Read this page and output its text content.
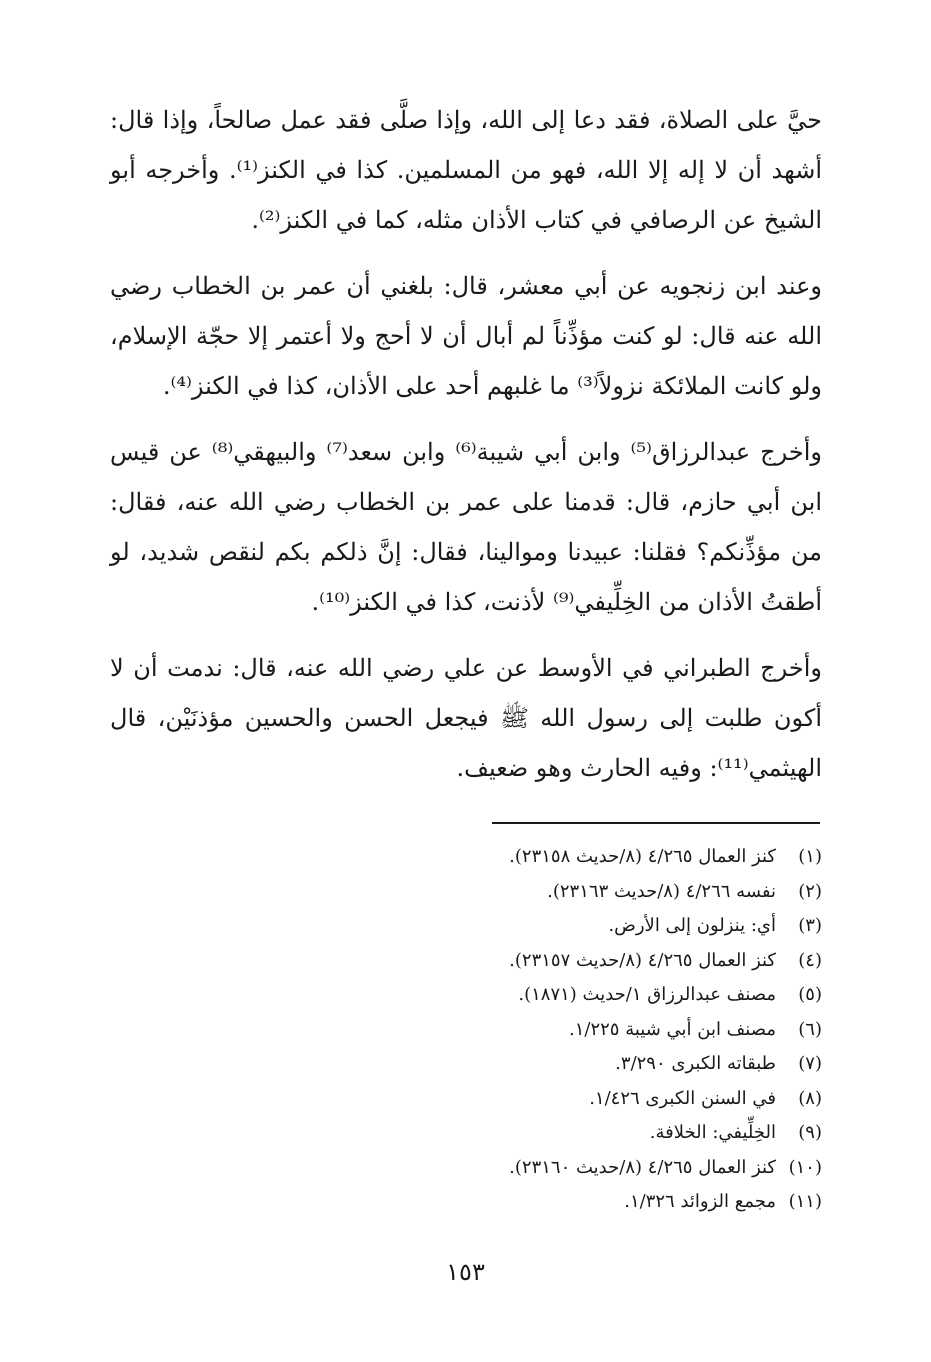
حيَّ على الصلاة، فقد دعا إلى الله، وإذا صلَّى فقد عمل صالحاً، وإذا قال: أشهد أن لا إله إلا الله، فهو من المسلمين. كذا في الكنز⁽¹⁾. وأخرجه أبو الشيخ عن الرصافي في كتاب الأذان مثله، كما في الكنز⁽²⁾.

وعند ابن زنجويه عن أبي معشر، قال: بلغني أن عمر بن الخطاب رضي الله عنه قال: لو كنت مؤذِّناً لم أبال أن لا أحج ولا أعتمر إلا حجّة الإسلام، ولو كانت الملائكة نزولاً⁽³⁾ ما غلبهم أحد على الأذان، كذا في الكنز⁽⁴⁾.

وأخرج عبدالرزاق⁽⁵⁾ وابن أبي شيبة⁽⁶⁾ وابن سعد⁽⁷⁾ والبيهقي⁽⁸⁾ عن قيس ابن أبي حازم، قال: قدمنا على عمر بن الخطاب رضي الله عنه، فقال: من مؤذِّنكم؟ فقلنا: عبيدنا وموالينا، فقال: إنَّ ذلكم بكم لنقص شديد، لو أطقتُ الأذان من الخِلِّيفي⁽⁹⁾ لأذنت، كذا في الكنز⁽¹⁰⁾.

وأخرج الطبراني في الأوسط عن علي رضي الله عنه، قال: ندمت أن لا أكون طلبت إلى رسول الله ﷺ فيجعل الحسن والحسين مؤذنَيْن، قال الهيثمي⁽¹¹⁾: وفيه الحارث وهو ضعيف.

(١)
كنز العمال ٤/٢٦٥ (٨/حديث ٢٣١٥٨).
(٢)
نفسه ٤/٢٦٦ (٨/حديث ٢٣١٦٣).
(٣)
أي: ينزلون إلى الأرض.
(٤)
كنز العمال ٤/٢٦٥ (٨/حديث ٢٣١٥٧).
(٥)
مصنف عبدالرزاق ١/حديث (١٨٧١).
(٦)
مصنف ابن أبي شيبة ١/٢٢٥.
(٧)
طبقاته الكبرى ٣/٢٩٠.
(٨)
في السنن الكبرى ١/٤٢٦.
(٩)
الخِلِّيفي: الخلافة.
(١٠)
كنز العمال ٤/٢٦٥ (٨/حديث ٢٣١٦٠).
(١١)
مجمع الزوائد ١/٣٢٦.
١٥٣
